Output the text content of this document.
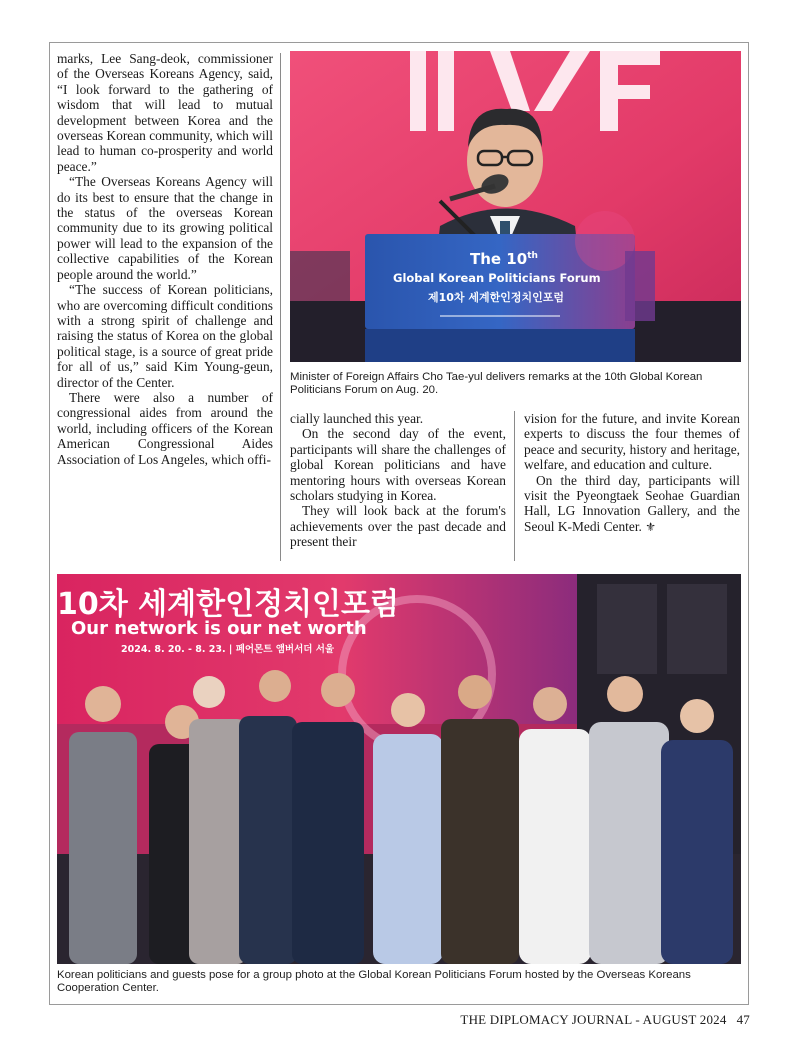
marks, Lee Sang-deok, commissioner of the Overseas Koreans Agency, said, “I look forward to the gathering of wisdom that will lead to mutual development between Korea and the overseas Korean community, which will lead to human co-prosperity and world peace.”

“The Overseas Koreans Agency will do its best to ensure that the change in the status of the overseas Korean community due to its growing political power will lead to the expansion of the collective capabilities of the Korean people around the world.”

“The success of Korean politicians, who are overcoming difficult conditions with a strong spirit of challenge and raising the status of Korea on the global political stage, is a source of great pride for all of us,” said Kim Young-geun, director of the Center.

There were also a number of congressional aides from around the world, including officers of the Korean American Congressional Aides Association of Los Angeles, which offi-

The 10th
Global Korean Politicians Forum
제10차 세계한인정치인포럼
Minister of Foreign Affairs Cho Tae-yul delivers remarks at the 10th Global Korean Politicians Forum on Aug. 20.

cially launched this year.

On the second day of the event, participants will share the challenges of global Korean politicians and have mentoring hours with overseas Korean scholars studying in Korea.

They will look back at the forum's achievements over the past decade and present their

vision for the future, and invite Korean experts to discuss the four themes of peace and security, history and heritage, welfare, and education and culture.

On the third day, participants will visit the Pyeongtaek Seohae Guardian Hall, LG Innovation Gallery, and the Seoul K-Medi Center. ⚜

10차 세계한인정치인포럼
Our network is our net worth
2024. 8. 20. - 8. 23. | 페어몬트 앰버서더 서울
Korean politicians and guests pose for a group photo at the Global Korean Politicians Forum hosted by the Overseas Koreans Cooperation Center.
THE DIPLOMACY JOURNAL - AUGUST 2024 47
